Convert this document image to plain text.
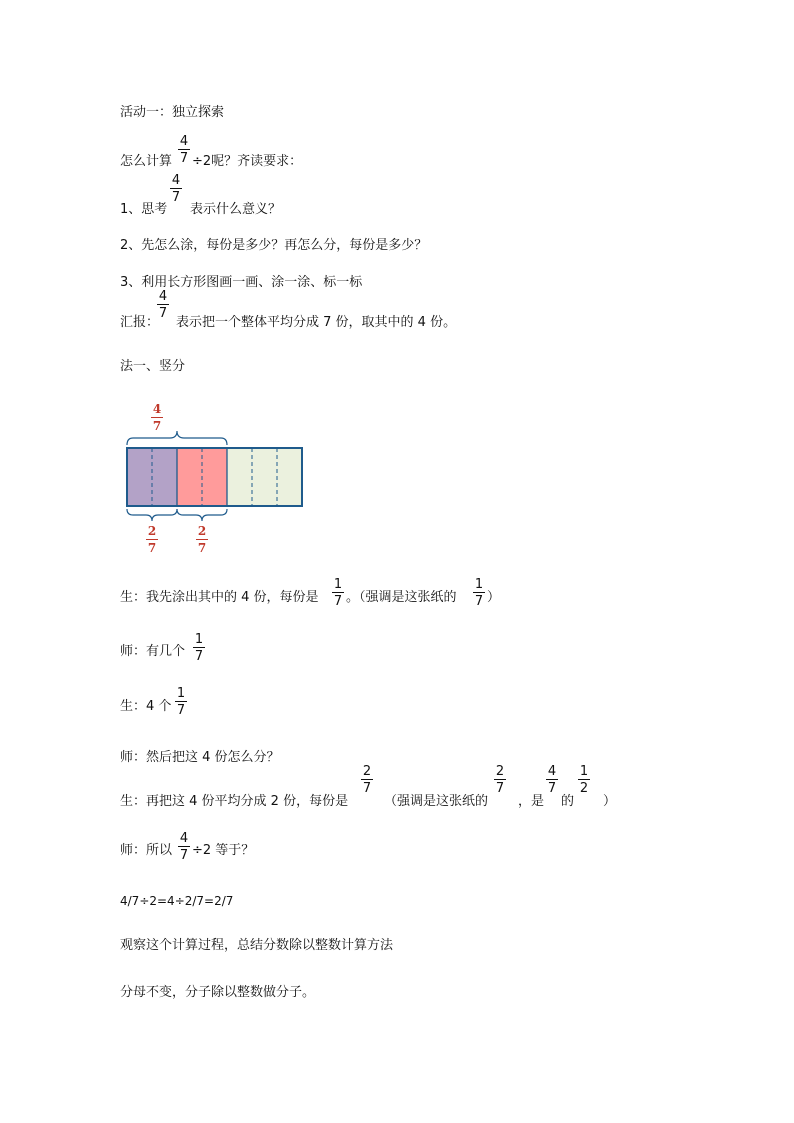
活动一：独立探索
怎么计算
4
7 ÷2呢？齐读要求：
1、思考
4
7
表示什么意义？
2、先怎么涂，每份是多少？再怎么分，每份是多少？
3、利用长方形图画一画、涂一涂、标一标
汇报：
4
7
表示把一个整体平均分成 7 份，取其中的 4 份。
法一、竖分
4
7
2
7
2
7
生：我先涂出其中的 4 份，每份是
1
7 。（强调是这张纸的
1
7 ）
师：有几个
1
7
生：4 个
1
7
师：然后把这 4 份怎么分？
生：再把这 4 份平均分成 2 份，每份是
2
7
（强调是这张纸的
2
7
，是
4
7
的
1
2
）
师：所以
4
7 ÷2 等于？
4/7÷2=4÷2/7=2/7
观察这个计算过程，总结分数除以整数计算方法
分母不变，分子除以整数做分子。
